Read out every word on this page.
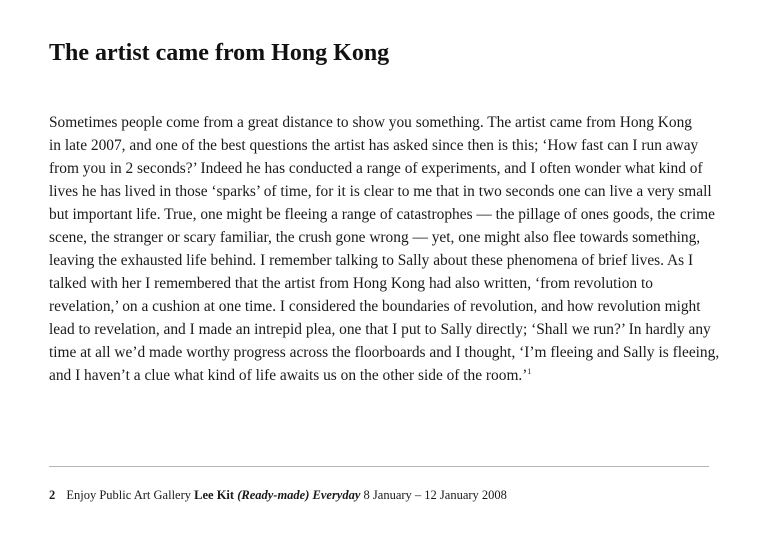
The artist came from Hong Kong

Sometimes people come from a great distance to show you something. The artist came from Hong Kong
in late 2007, and one of the best questions the artist has asked since then is this; ‘How fast can I run away
from you in 2 seconds?’ Indeed he has conducted a range of experiments, and I often wonder what kind of
lives he has lived in those ‘sparks’ of time, for it is clear to me that in two seconds one can live a very small
but important life. True, one might be fleeing a range of catastrophes — the pillage of ones goods, the crime
scene, the stranger or scary familiar, the crush gone wrong — yet, one might also flee towards something,
leaving the exhausted life behind. I remember talking to Sally about these phenomena of brief lives. As I
talked with her I remembered that the artist from Hong Kong had also written, ‘from revolution to
revelation,’ on a cushion at one time. I considered the boundaries of revolution, and how revolution might
lead to revelation, and I made an intrepid plea, one that I put to Sally directly; ‘Shall we run?’ In hardly any
time at all we’d made worthy progress across the floorboards and I thought, ‘I’m fleeing and Sally is fleeing,
and I haven’t a clue what kind of life awaits us on the other side of the room.’$^1$

2 Enjoy Public Art Gallery Lee Kit (Ready-made) Everyday 8 January – 12 January 2008
